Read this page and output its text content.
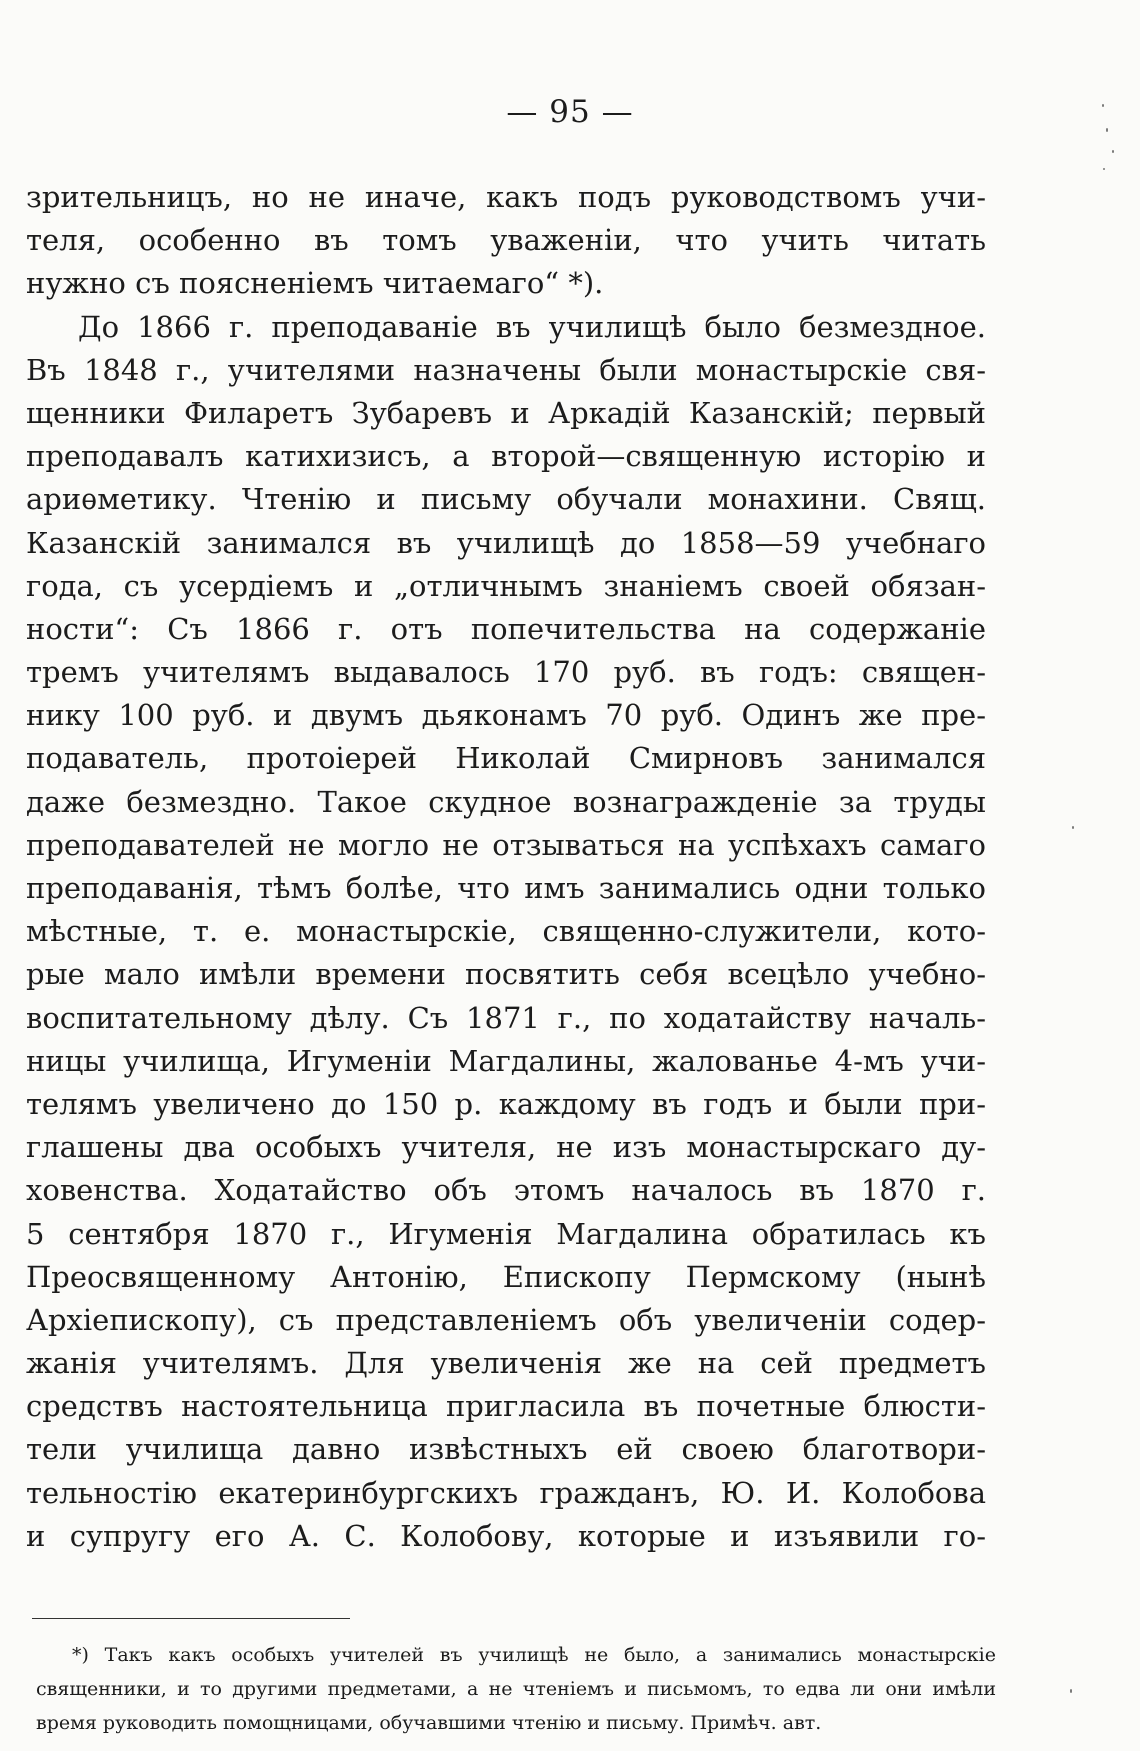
— 95 —
зрительницъ, но не иначе, какъ подъ руководствомъ учи-
теля, особенно въ томъ уваженіи, что учить читать
нужно съ поясненіемъ читаемаго“ *).
До 1866 г. преподаваніе въ училищѣ было безмездное.
Въ 1848 г., учителями назначены были монастырскіе свя-
щенники Филаретъ Зубаревъ и Аркадій Казанскій; первый
преподавалъ катихизисъ, а второй—священную исторію и
ариѳметику. Чтенію и письму обучали монахини. Свящ.
Казанскій занимался въ училищѣ до 1858—59 учебнаго
года, съ усердіемъ и „отличнымъ знаніемъ своей обязан-
ности“: Съ 1866 г. отъ попечительства на содержаніе
тремъ учителямъ выдавалось 170 руб. въ годъ: священ-
нику 100 руб. и двумъ дьяконамъ 70 руб. Одинъ же пре-
подаватель, протоіерей Николай Смирновъ занимался
даже безмездно. Такое скудное вознагражденіе за труды
преподавателей не могло не отзываться на успѣхахъ самаго
преподаванія, тѣмъ болѣе, что имъ занимались одни только
мѣстные, т. е. монастырскіе, священно-служители, кото-
рые мало имѣли времени посвятить себя всецѣло учебно-
воспитательному дѣлу. Съ 1871 г., по ходатайству началь-
ницы училища, Игуменіи Магдалины, жалованье 4-мъ учи-
телямъ увеличено до 150 р. каждому въ годъ и были при-
глашены два особыхъ учителя, не изъ монастырскаго ду-
ховенства. Ходатайство объ этомъ началось въ 1870 г.
5 сентября 1870 г., Игуменія Магдалина обратилась къ
Преосвященному Антонію, Епископу Пермскому (нынѣ
Архіепископу), съ представленіемъ объ увеличеніи содер-
жанія учителямъ. Для увеличенія же на сей предметъ
средствъ настоятельница пригласила въ почетные блюсти-
тели училища давно извѣстныхъ ей своею благотвори-
тельностію екатеринбургскихъ гражданъ, Ю. И. Колобова
и супругу его А. С. Колобову, которые и изъявили го-
*) Такъ какъ особыхъ учителей въ училищѣ не было, а занимались монастырскіе
священники, и то другими предметами, а не чтеніемъ и письмомъ, то едва ли они имѣли
время руководить помощницами, обучавшими чтенію и письму. Примѣч. авт.
